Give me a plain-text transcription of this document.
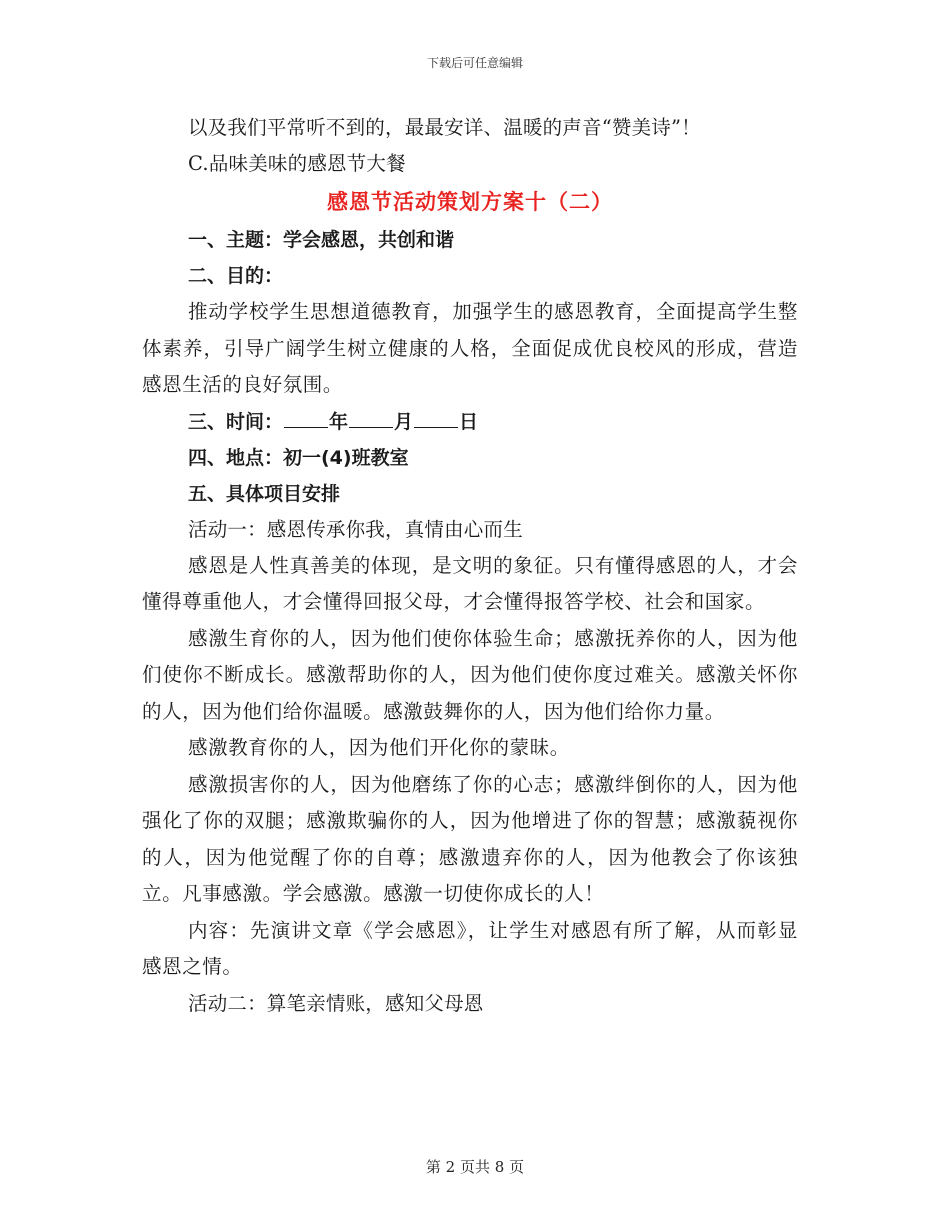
下载后可任意编辑
以及我们平常听不到的，最最安详、温暖的声音“赞美诗”！
C.品味美味的感恩节大餐
感恩节活动策划方案十（二）
一、主题：学会感恩，共创和谐
二、目的：

推动学校学生思想道德教育，加强学生的感恩教育，全面提高学生整体素养，引导广阔学生树立健康的人格，全面促成优良校风的形成，营造感恩生活的良好氛围。

三、时间： 年 月 日
四、地点：初一(4)班教室
五、具体项目安排
活动一：感恩传承你我，真情由心而生

感恩是人性真善美的体现，是文明的象征。只有懂得感恩的人，才会懂得尊重他人，才会懂得回报父母，才会懂得报答学校、社会和国家。

感激生育你的人，因为他们使你体验生命；感激抚养你的人，因为他们使你不断成长。感激帮助你的人，因为他们使你度过难关。感激关怀你的人，因为他们给你温暖。感激鼓舞你的人，因为他们给你力量。

感激教育你的人，因为他们开化你的蒙昧。

感激损害你的人，因为他磨练了你的心志；感激绊倒你的人，因为他强化了你的双腿；感激欺骗你的人，因为他增进了你的智慧；感激藐视你的人，因为他觉醒了你的自尊；感激遗弃你的人，因为他教会了你该独立。凡事感激。学会感激。感激一切使你成长的人！

内容：先演讲文章《学会感恩》，让学生对感恩有所了解，从而彰显感恩之情。

活动二：算笔亲情账，感知父母恩
第 2 页共 8 页
